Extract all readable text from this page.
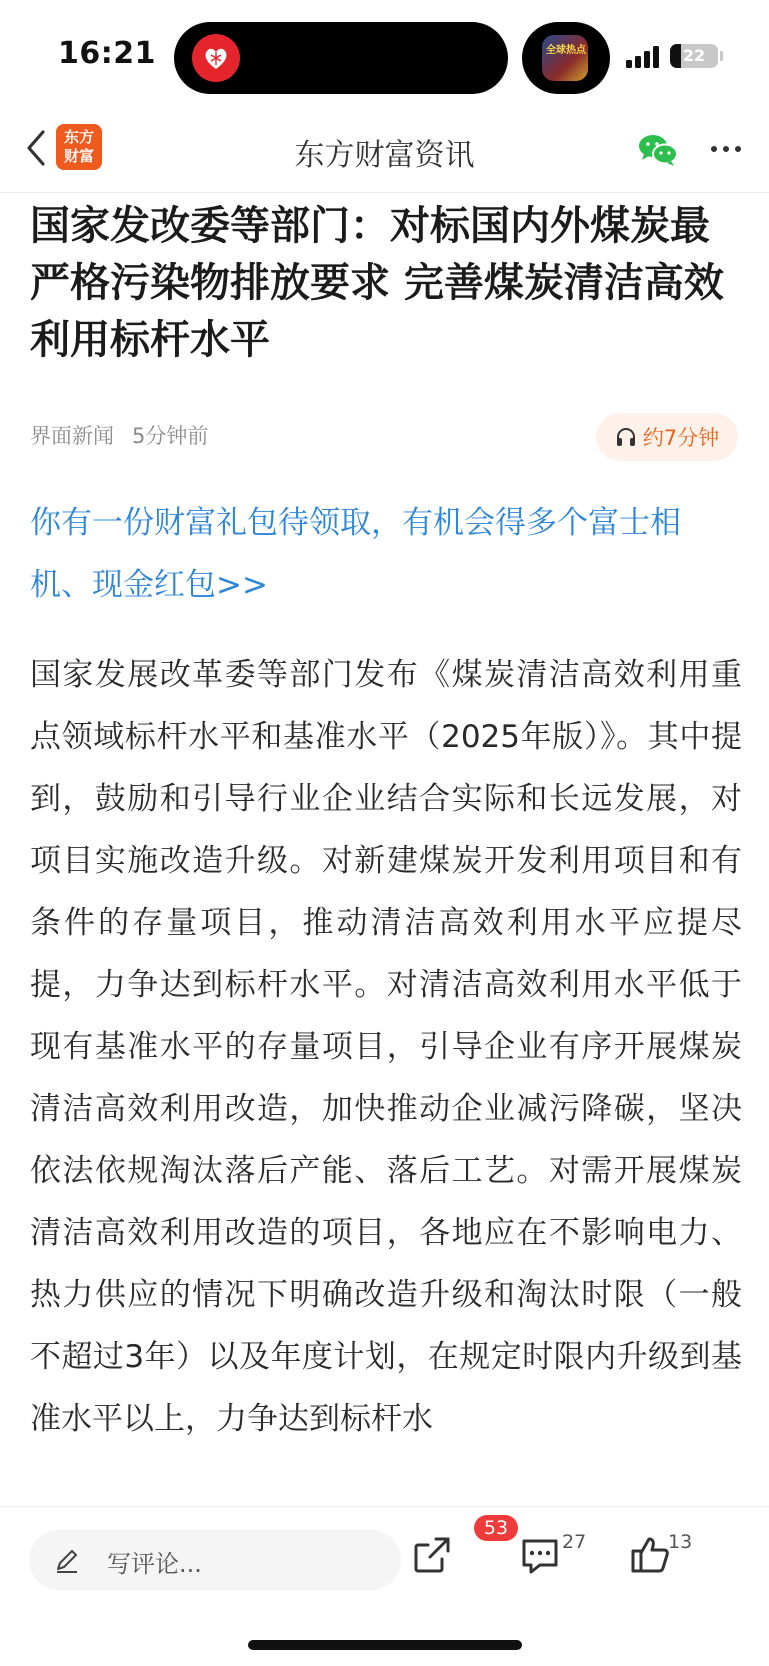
16:21	全球热点	22
东方
财富	东方财富资讯
国家发改委等部门：对标国内外煤炭最严格污染物排放要求 完善煤炭清洁高效利用标杆水平
界面新闻 5分钟前	约7分钟
你有一份财富礼包待领取，有机会得多个富士相机、现金红包>>
国家发展改革委等部门发布《煤炭清洁高效利用重点领域标杆水平和基准水平（2025年版）》。其中提到，鼓励和引导行业企业结合实际和长远发展，对项目实施改造升级。对新建煤炭开发利用项目和有条件的存量项目，推动清洁高效利用水平应提尽提，力争达到标杆水平。对清洁高效利用水平低于现有基准水平的存量项目，引导企业有序开展煤炭清洁高效利用改造，加快推动企业减污降碳，坚决依法依规淘汰落后产能、落后工艺。对需开展煤炭清洁高效利用改造的项目，各地应在不影响电力、热力供应的情况下明确改造升级和淘汰时限（一般不超过3年）以及年度计划，在规定时限内升级到基准水平以上，力争达到标杆水
写评论...
53
27	13
